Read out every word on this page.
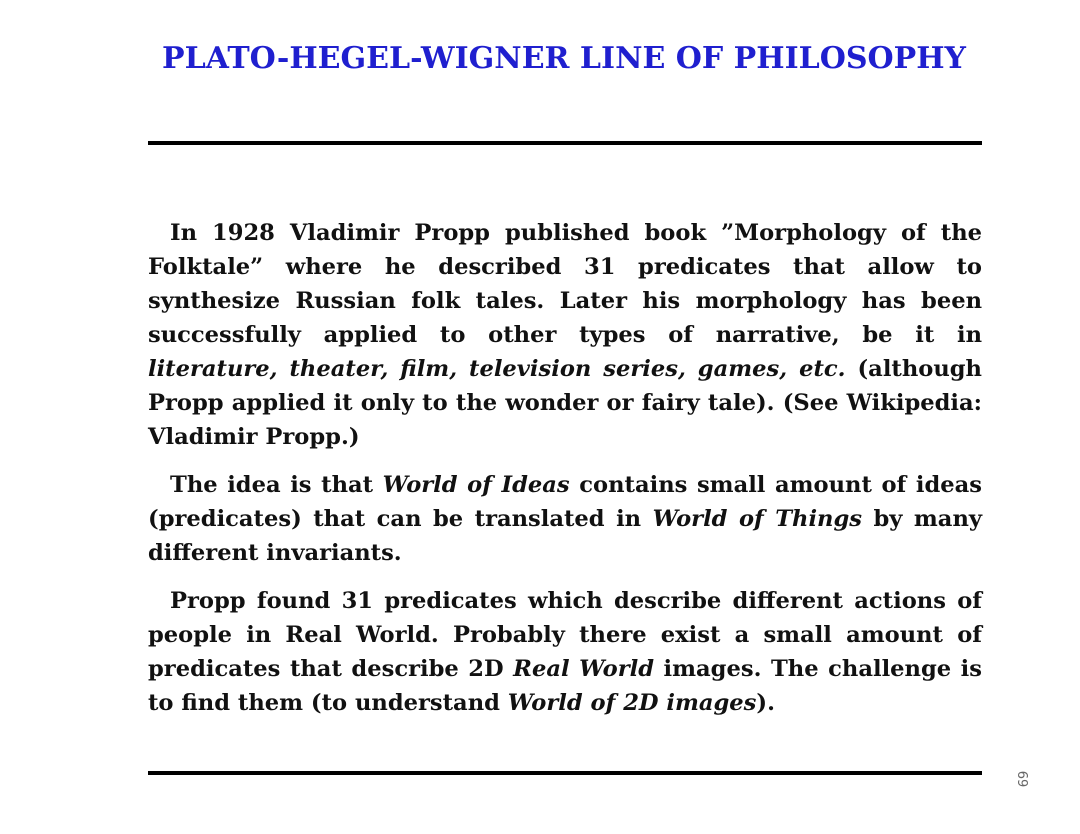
PLATO-HEGEL-WIGNER LINE OF PHILOSOPHY

In 1928 Vladimir Propp published book ”Morphology of the Folktale” where he described 31 predicates that allow to synthesize Russian folk tales. Later his morphology has been successfully applied to other types of narrative, be it in literature, theater, film, television series, games, etc. (although Propp applied it only to the wonder or fairy tale). (See Wikipedia: Vladimir Propp.)

The idea is that World of Ideas contains small amount of ideas (predicates) that can be translated in World of Things by many different invariants.

Propp found 31 predicates which describe different actions of people in Real World. Probably there exist a small amount of predicates that describe 2D Real World images. The challenge is to find them (to understand World of 2D images).

69
